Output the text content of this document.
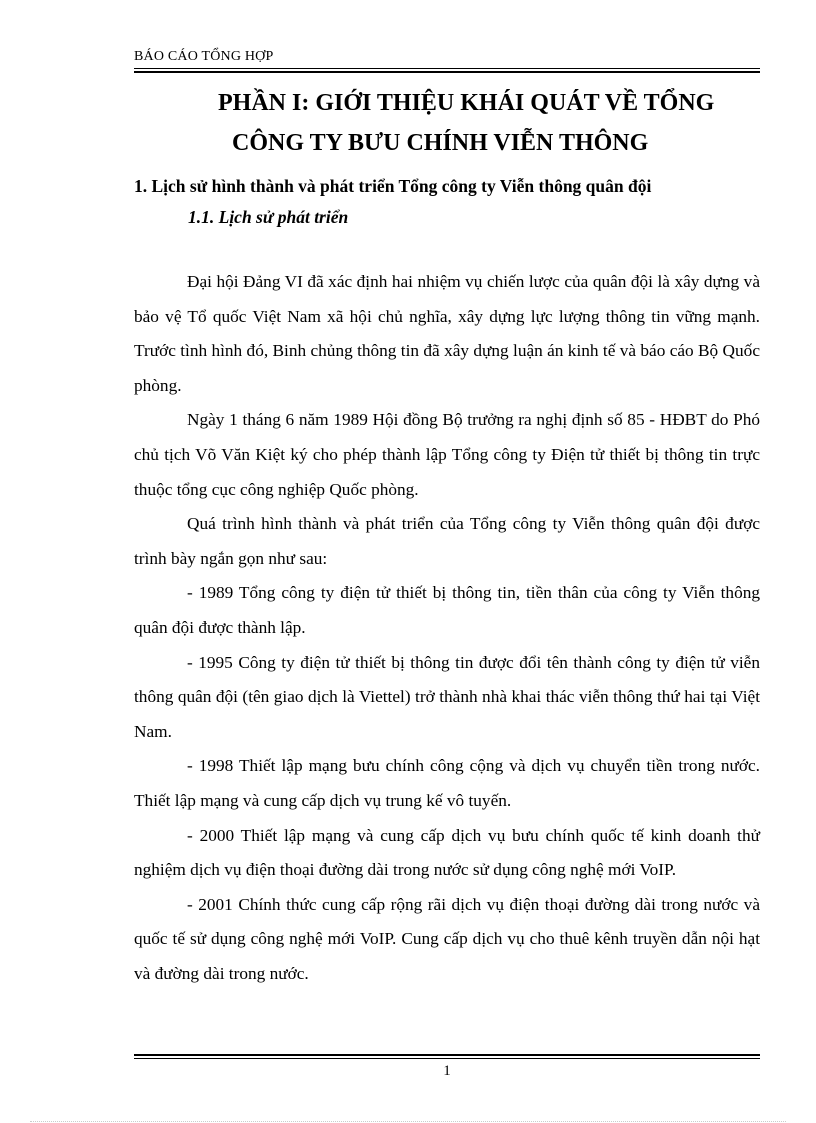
BÁO CÁO TỔNG HỢP
PHẦN I: GIỚI THIỆU KHÁI QUÁT VỀ TỔNG
CÔNG TY BƯU CHÍNH VIỄN THÔNG
1. Lịch sử hình thành và phát triển Tổng công ty Viễn thông quân đội
1.1. Lịch sử phát triển

Đại hội Đảng VI đã xác định hai nhiệm vụ chiến lược của quân đội là xây dựng và bảo vệ Tổ quốc Việt Nam xã hội chủ nghĩa, xây dựng lực lượng thông tin vững mạnh. Trước tình hình đó, Binh chủng thông tin đã xây dựng luận án kinh tế và báo cáo Bộ Quốc phòng.

Ngày 1 tháng 6 năm 1989 Hội đồng Bộ trưởng ra nghị định số 85 - HĐBT do Phó chủ tịch Võ Văn Kiệt ký cho phép thành lập Tổng công ty Điện tử thiết bị thông tin trực thuộc tổng cục công nghiệp Quốc phòng.

Quá trình hình thành và phát triển của Tổng công ty Viễn thông quân đội được trình bày ngắn gọn như sau:

- 1989 Tổng công ty điện tử thiết bị thông tin, tiền thân của công ty Viễn thông quân đội được thành lập.

- 1995 Công ty điện tử thiết bị thông tin được đổi tên thành công ty điện tử viễn thông quân đội (tên giao dịch là Viettel) trở thành nhà khai thác viễn thông thứ hai tại Việt Nam.

- 1998 Thiết lập mạng bưu chính công cộng và dịch vụ chuyển tiền trong nước. Thiết lập mạng và cung cấp dịch vụ trung kế vô tuyến.

- 2000 Thiết lập mạng và cung cấp dịch vụ bưu chính quốc tế kinh doanh thử nghiệm dịch vụ điện thoại đường dài trong nước sử dụng công nghệ mới VoIP.

- 2001 Chính thức cung cấp rộng rãi dịch vụ điện thoại đường dài trong nước và quốc tế sử dụng công nghệ mới VoIP. Cung cấp dịch vụ cho thuê kênh truyền dẫn nội hạt và đường dài trong nước.

1
